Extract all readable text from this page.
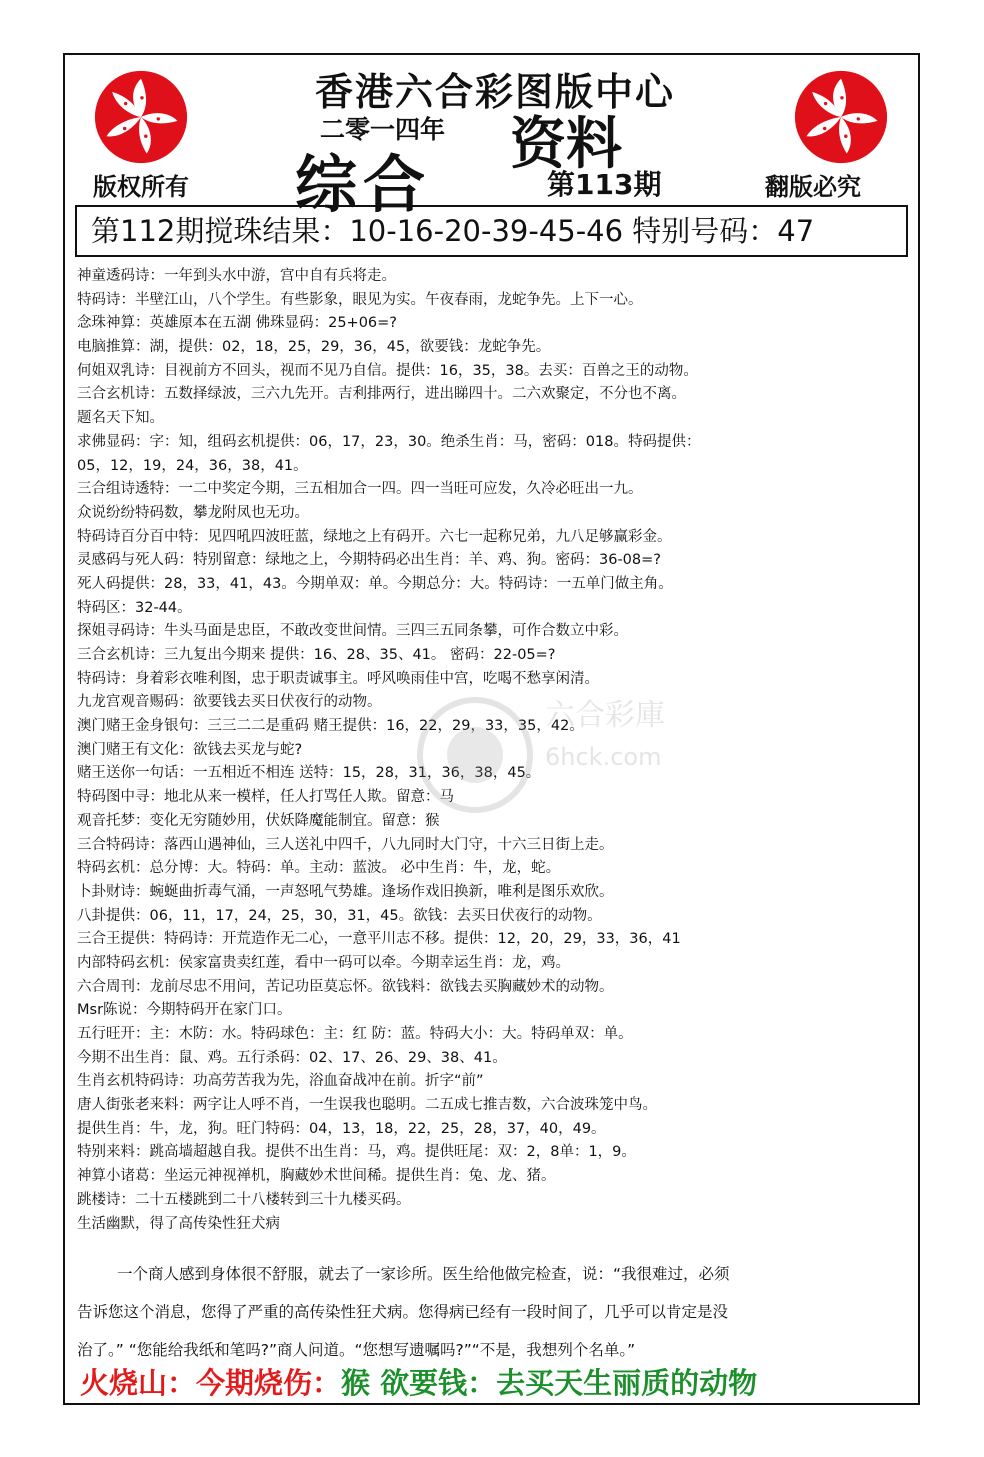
香港六合彩图版中心
二零一四年 资料
综合	第113期
版权所有	翻版必究
第112期搅珠结果：10-16-20-39-45-46 特别号码：47
神童透码诗：一年到头水中游，宫中自有兵将走。
特码诗：半壁江山，八个学生。有些影象，眼见为实。午夜春雨，龙蛇争先。上下一心。
念珠神算：英雄原本在五湖 佛珠显码：25+06=?
电脑推算：湖，提供：02，18，25，29，36，45，欲要钱：龙蛇争先。
何姐双乳诗：目视前方不回头，视而不见乃自信。提供：16，35，38。去买：百兽之王的动物。
三合玄机诗：五数择绿波，三六九先开。吉利排两行，进出睇四十。二六欢聚定，不分也不离。
题名天下知。
求佛显码：字：知，组码玄机提供：06，17，23，30。绝杀生肖：马，密码：018。特码提供：
05，12，19，24，36，38，41。
三合组诗透特：一二中奖定今期，三五相加合一四。四一当旺可应发，久冷必旺出一九。
众说纷纷特码数，攀龙附凤也无功。
特码诗百分百中特：见四吼四波旺蓝，绿地之上有码开。六七一起称兄弟，九八足够赢彩金。
灵感码与死人码：特别留意：绿地之上，今期特码必出生肖：羊、鸡、狗。密码：36-08=?
死人码提供：28，33，41，43。今期单双：单。今期总分：大。特码诗：一五单门做主角。
特码区：32-44。
探姐寻码诗：牛头马面是忠臣，不敢改变世间情。三四三五同条攀，可作合数立中彩。
三合玄机诗：三九复出今期来 提供：16、28、35、41。 密码：22-05=?
特码诗：身着彩衣唯利图，忠于职责诚事主。呼风唤雨佳中宫，吃喝不愁享闲清。
九龙宫观音赐码：欲要钱去买日伏夜行的动物。
澳门赌王金身银句：三三二二是重码 赌王提供：16，22，29，33，35，42。
澳门赌王有文化：欲钱去买龙与蛇?
赌王送你一句话：一五相近不相连 送特：15，28，31，36，38，45。
特码图中寻：地北从来一模样，任人打骂任人欺。留意：马
观音托梦：变化无穷随妙用，伏妖降魔能制宜。留意：猴
三合特码诗：落西山遇神仙，三人送礼中四千，八九同时大门守，十六三日街上走。
特码玄机：总分博：大。特码：单。主动：蓝波。 必中生肖：牛，龙，蛇。
卜卦财诗：蜿蜒曲折毒气涌，一声怒吼气势雄。逢场作戏旧换新，唯利是图乐欢欣。
八卦提供：06，11，17，24，25，30，31，45。欲钱：去买日伏夜行的动物。
三合王提供：特码诗：开荒造作无二心，一意平川志不移。提供：12，20，29，33，36，41
内部特码玄机：侯家富贵卖红莲，看中一码可以牵。今期幸运生肖：龙，鸡。
六合周刊：龙前尽忠不用问，苦记功臣莫忘怀。欲钱料：欲钱去买胸藏妙术的动物。
Msr陈说：今期特码开在家门口。
五行旺开：主：木防：水。特码球色：主：红 防：蓝。特码大小：大。特码单双：单。
今期不出生肖：鼠、鸡。五行杀码：02、17、26、29、38、41。
生肖玄机特码诗：功高劳苦我为先，浴血奋战冲在前。折字“前”
唐人街张老来料：两字让人呼不肖，一生误我也聪明。二五成七推吉数，六合波珠笼中鸟。
提供生肖：牛，龙，狗。旺门特码：04，13，18，22，25，28，37，40，49。
特别来料：跳高墙超越自我。提供不出生肖：马，鸡。提供旺尾：双：2，8单：1，9。
神算小诸葛：坐运元神视禅机，胸藏妙术世间稀。提供生肖：兔、龙、猪。
跳楼诗：二十五楼跳到二十八楼转到三十九楼买码。
生活幽默，得了高传染性狂犬病
一个商人感到身体很不舒服，就去了一家诊所。医生给他做完检查，说：“我很难过，必须
告诉您这个消息，您得了严重的高传染性狂犬病。您得病已经有一段时间了，几乎可以肯定是没
治了。” “您能给我纸和笔吗?”商人问道。“您想写遗嘱吗?”“不是，我想列个名单。”
火烧山：今期烧伤：猴 欲要钱：去买天生丽质的动物
六合彩庫
6hck.com
